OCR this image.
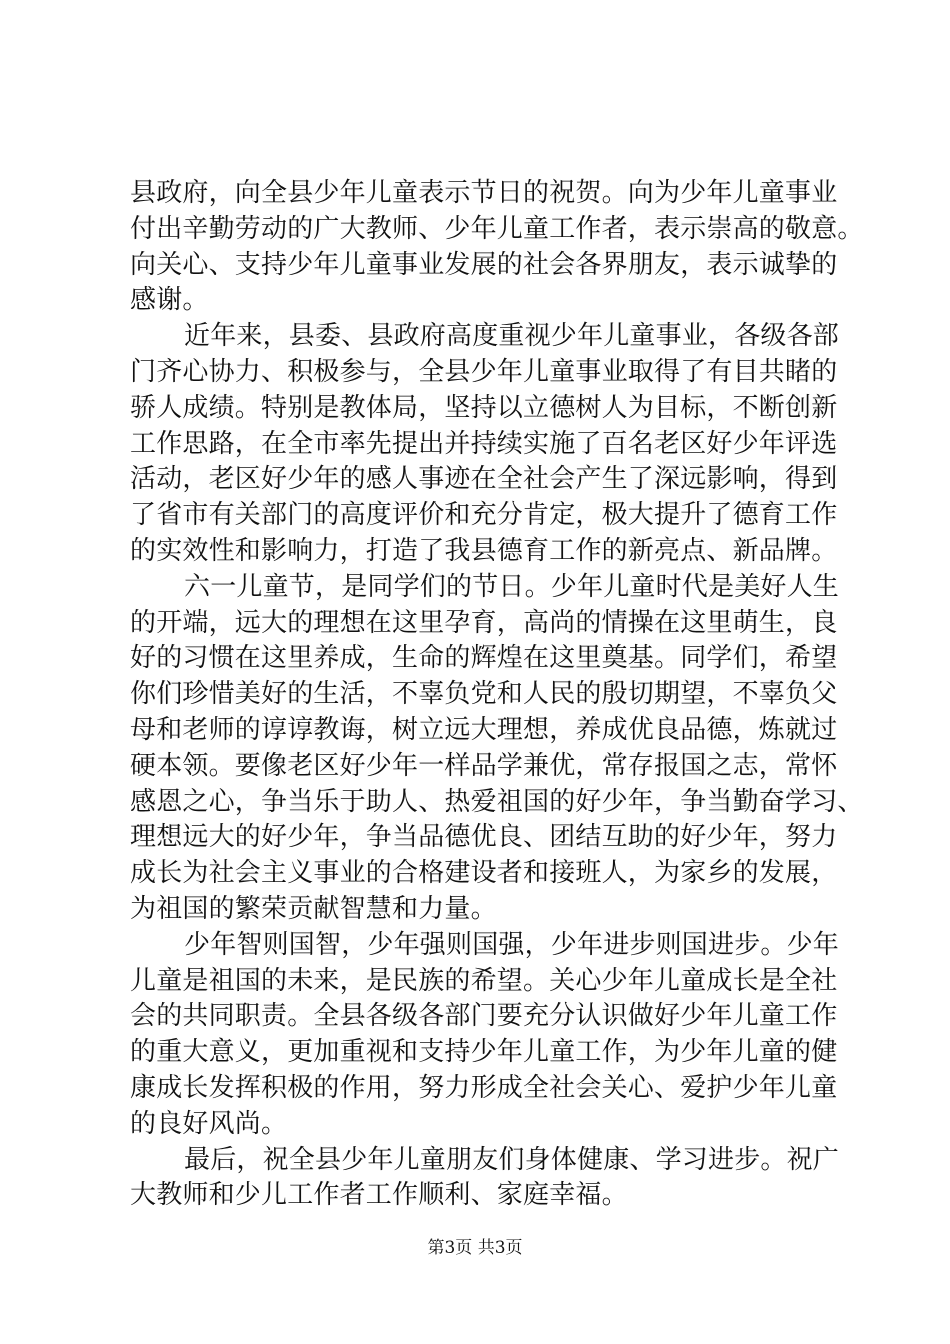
县政府，向全县少年儿童表示节日的祝贺。向为少年儿童事业
付出辛勤劳动的广大教师、少年儿童工作者，表示崇高的敬意。
向关心、支持少年儿童事业发展的社会各界朋友，表示诚挚的
感谢。
近年来，县委、县政府高度重视少年儿童事业，各级各部
门齐心协力、积极参与，全县少年儿童事业取得了有目共睹的
骄人成绩。特别是教体局，坚持以立德树人为目标，不断创新
工作思路，在全市率先提出并持续实施了百名老区好少年评选
活动，老区好少年的感人事迹在全社会产生了深远影响，得到
了省市有关部门的高度评价和充分肯定，极大提升了德育工作
的实效性和影响力，打造了我县德育工作的新亮点、新品牌。
六一儿童节，是同学们的节日。少年儿童时代是美好人生
的开端，远大的理想在这里孕育，高尚的情操在这里萌生，良
好的习惯在这里养成，生命的辉煌在这里奠基。同学们，希望
你们珍惜美好的生活，不辜负党和人民的殷切期望，不辜负父
母和老师的谆谆教诲，树立远大理想，养成优良品德，炼就过
硬本领。要像老区好少年一样品学兼优，常存报国之志，常怀
感恩之心，争当乐于助人、热爱祖国的好少年，争当勤奋学习、
理想远大的好少年，争当品德优良、团结互助的好少年，努力
成长为社会主义事业的合格建设者和接班人，为家乡的发展，
为祖国的繁荣贡献智慧和力量。
少年智则国智，少年强则国强，少年进步则国进步。少年
儿童是祖国的未来，是民族的希望。关心少年儿童成长是全社
会的共同职责。全县各级各部门要充分认识做好少年儿童工作
的重大意义，更加重视和支持少年儿童工作，为少年儿童的健
康成长发挥积极的作用，努力形成全社会关心、爱护少年儿童
的良好风尚。
最后，祝全县少年儿童朋友们身体健康、学习进步。祝广
大教师和少儿工作者工作顺利、家庭幸福。
第3页 共3页
